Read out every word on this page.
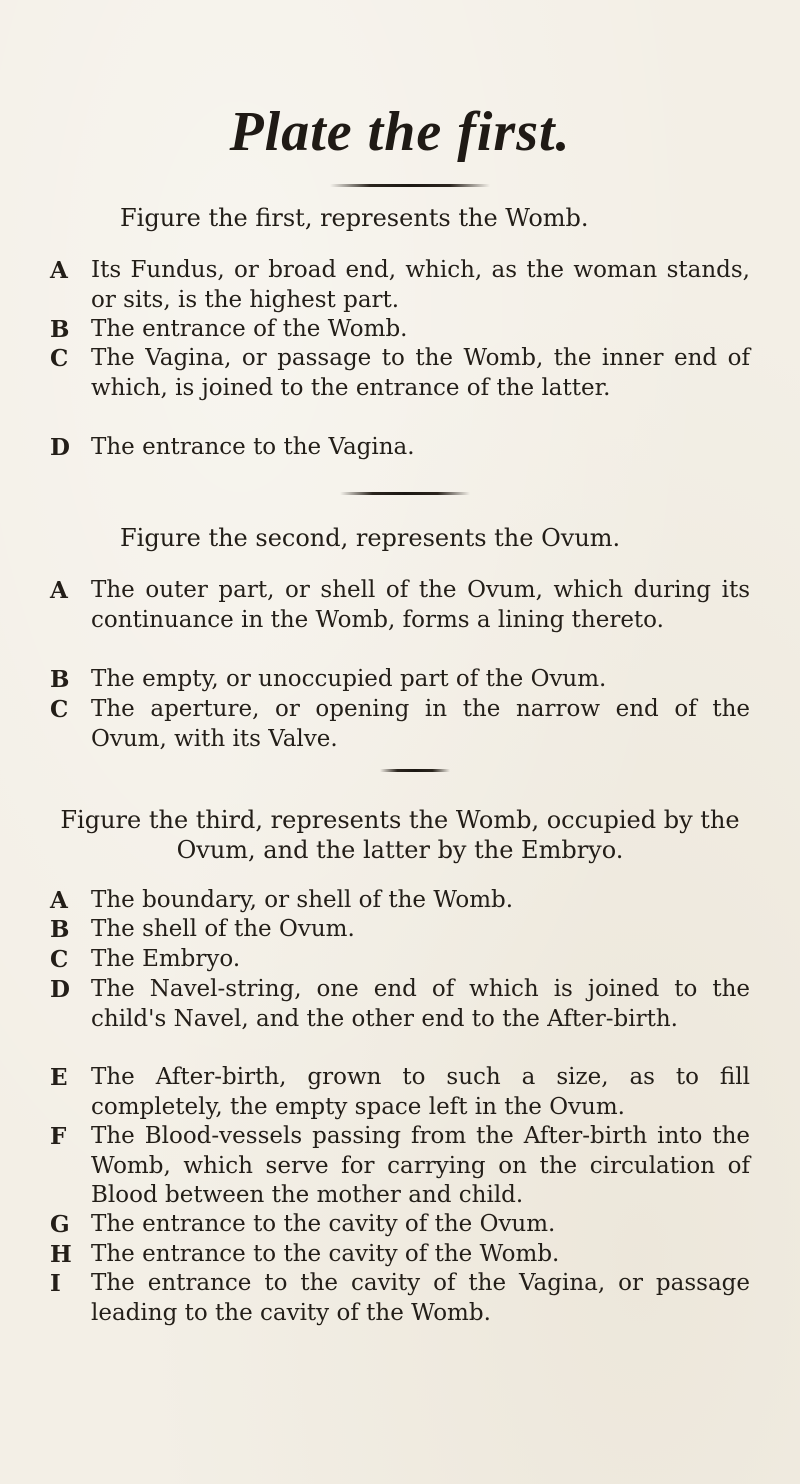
Plate the first.
Figure the first, represents the Womb.
A	Its Fundus, or broad end, which, as the woman stands, or sits, is the highest part.
B The entrance of the Womb.
C The Vagina, or passage to the Womb, the inner end of which, is joined to the entrance of the latter.
D The entrance to the Vagina.
Figure the second, represents the Ovum.
A	The outer part, or shell of the Ovum, which during its continuance in the Womb, forms a lining thereto.
B The empty, or unoccupied part of the Ovum.
C The aperture, or opening in the narrow end of the Ovum, with its Valve.
Figure the third, represents the Womb, occupied by the Ovum, and the latter by the Embryo.
A	The boundary, or shell of the Womb.
B The shell of the Ovum.
C The Embryo.
D The Navel-string, one end of which is joined to the child's Navel, and the other end to the After-birth.
E	The After-birth, grown to such a size, as to fill completely, the empty space left in the Ovum.
F	The Blood-vessels passing from the After-birth into the Womb, which serve for carrying on the circulation of Blood between the mother and child.
G The entrance to the cavity of the Ovum.
H The entrance to the cavity of the Womb.
I	The entrance to the cavity of the Vagina, or passage leading to the cavity of the Womb.
